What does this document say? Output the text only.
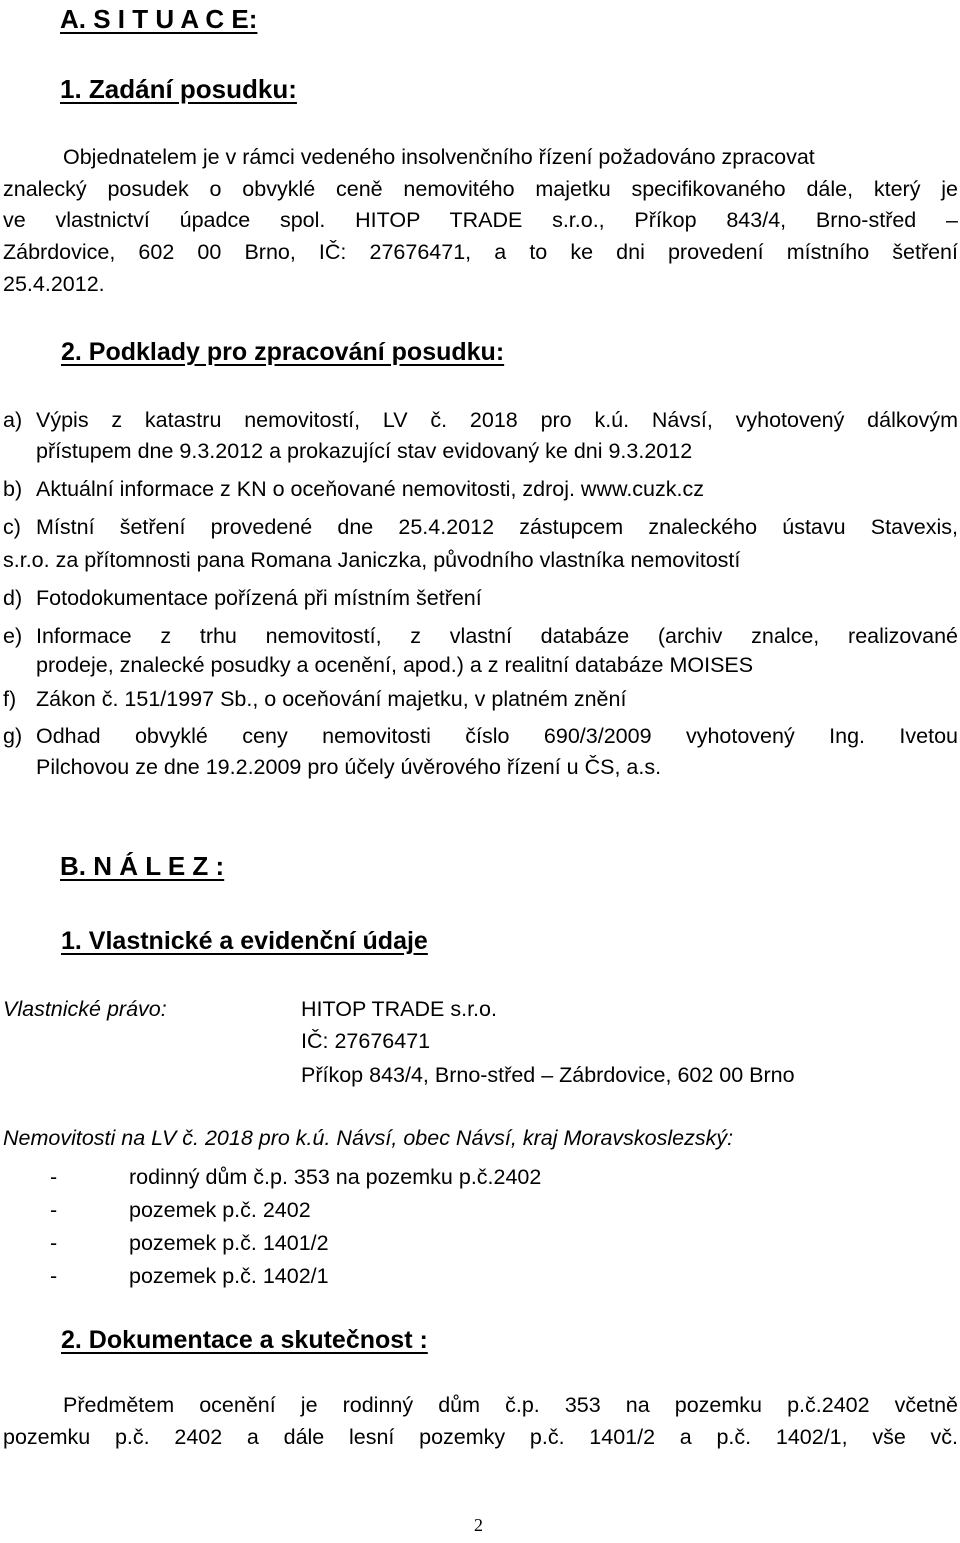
A. S I T U A C E:
1. Zadání posudku:
Objednatelem je v rámci vedeného insolvenčního řízení požadováno zpracovat
znalecký posudek o obvyklé ceně nemovitého majetku specifikovaného dále, který je
ve vlastnictví úpadce spol. HITOP TRADE s.r.o., Příkop 843/4, Brno-střed –
Zábrdovice, 602 00 Brno, IČ: 27676471, a to ke dni provedení místního šetření
25.4.2012.
2. Podklady pro zpracování posudku:
a) Výpis z katastru nemovitostí, LV č. 2018 pro k.ú. Návsí, vyhotovený dálkovým
přístupem dne 9.3.2012 a prokazující stav evidovaný ke dni 9.3.2012
b) Aktuální informace z KN o oceňované nemovitosti, zdroj. www.cuzk.cz
c) Místní šetření provedené dne 25.4.2012 zástupcem znaleckého ústavu Stavexis,
s.r.o. za přítomnosti pana Romana Janiczka, původního vlastníka nemovitostí
d) Fotodokumentace pořízená při místním šetření
e) Informace z trhu nemovitostí, z vlastní databáze (archiv znalce, realizované
prodeje, znalecké posudky a ocenění, apod.) a z realitní databáze MOISES
f) Zákon č. 151/1997 Sb., o oceňování majetku, v platném znění
g) Odhad obvyklé ceny nemovitosti číslo 690/3/2009 vyhotovený Ing. Ivetou
Pilchovou ze dne 19.2.2009 pro účely úvěrového řízení u ČS, a.s.
B. N Á L E Z :
1. Vlastnické a evidenční údaje
Vlastnické právo:	HITOP TRADE s.r.o.
IČ: 27676471
Příkop 843/4, Brno-střed – Zábrdovice, 602 00 Brno
Nemovitosti na LV č. 2018 pro k.ú. Návsí, obec Návsí, kraj Moravskoslezský:
-	rodinný dům č.p. 353 na pozemku p.č.2402
-	pozemek p.č. 2402
-	pozemek p.č. 1401/2
-	pozemek p.č. 1402/1
2. Dokumentace a skutečnost :
Předmětem ocenění je rodinný dům č.p. 353 na pozemku p.č.2402 včetně
pozemku p.č. 2402 a dále lesní pozemky p.č. 1401/2 a p.č. 1402/1, vše vč.
2
